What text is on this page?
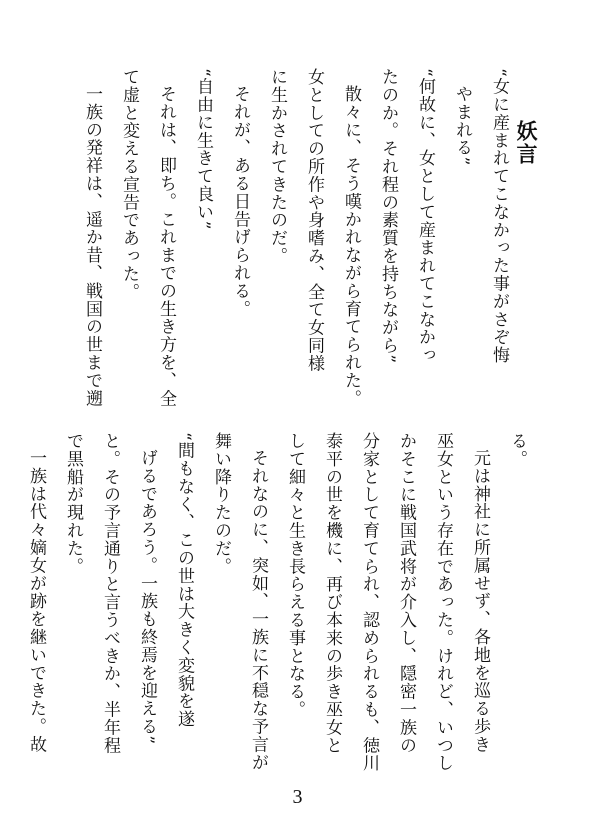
妖言
“女に産まれてこなかった事がさぞ悔
やまれる”
“何故に、女として産まれてこなかっ
たのか。それ程の素質を持ちながら”
散々に、そう嘆かれながら育てられた。
女としての所作や身嗜み、全て女同様
に生かされてきたのだ。
それが、ある日告げられる。
“自由に生きて良い”
それは、即ち。これまでの生き方を、全
て虚と変える宣告であった。
一族の発祥は、遥か昔、戦国の世まで遡
る。
元は神社に所属せず、各地を巡る歩き
巫女という存在であった。けれど、いつし
かそこに戦国武将が介入し、隠密一族の
分家として育てられ、認められるも、徳川
泰平の世を機に、再び本来の歩き巫女と
して細々と生き長らえる事となる。
それなのに、突如、一族に不穏な予言が
舞い降りたのだ。
“間もなく、この世は大きく変貌を遂
げるであろう。一族も終焉を迎える”
と。その予言通りと言うべきか、半年程
で黒船が現れた。
一族は代々嫡女が跡を継いできた。故
3
